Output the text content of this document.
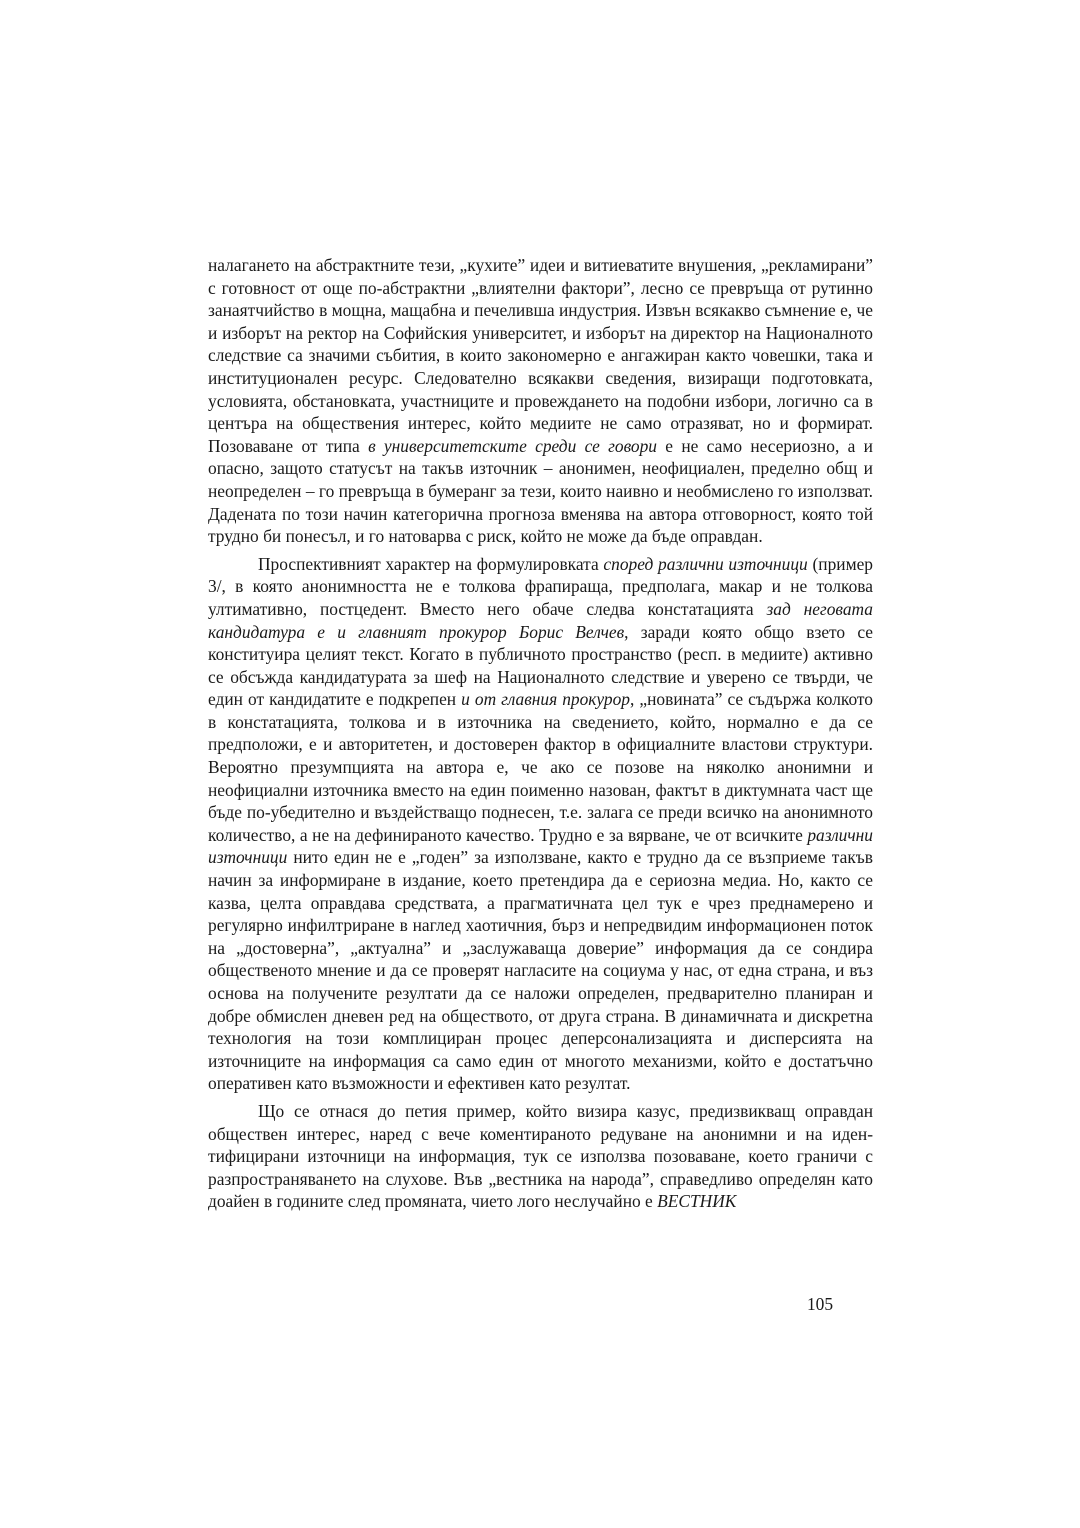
налагането на абстрактните тези, „кухите” идеи и витиеватите внушения, „рекламирани” с готовност от още по-абстрактни „влиятелни фактори”, лесно се превръща от рутинно занаятчийство в мощна, мащабна и печеливша индустрия. Извън всякакво съмнение е, че и изборът на ректор на Софийския университет, и изборът на директор на Националното следствие са значими събития, в които закономерно е ангажиран както човешки, така и институционален ресурс. Следователно всякакви сведения, визиращи подготовката, условията, обстановката, участниците и провеждането на подобни избори, логично са в центъра на обществения интерес, който медиите не само отразяват, но и формират. Позоваване от типа в университетските среди се говори е не само несериозно, а и опасно, защото статусът на такъв източник – анонимен, неофициален, пределно общ и неопределен – го превръща в бумеранг за тези, които наивно и необмислено го използват. Дадената по този начин категорична прогноза вменява на автора отговорност, която той трудно би понесъл, и го натоварва с риск, който не може да бъде оправдан.

Проспективният характер на формулировката според различни източници (пример 3/, в която анонимността не е толкова фрапираща, предполага, макар и не толкова ултимативно, постцедент. Вместо него обаче следва констатацията зад неговата кандидатура е и главният прокурор Борис Велчев, заради която общо взето се конституира целият текст. Когато в публичното пространство (респ. в медиите) активно се обсъжда кандидатурата за шеф на Националното следствие и уверено се твърди, че един от кандидатите е подкрепен и от главния прокурор, „новината” се съдържа колкото в констатацията, толкова и в източника на сведението, който, нормално е да се предположи, е и авторитетен, и достоверен фактор в официалните властови структури. Вероятно презумпцията на автора е, че ако се позове на няколко анонимни и неофициални източника вместо на един поименно назован, фактът в диктумната част ще бъде по-убедително и въздействащо поднесен, т.е. залага се преди всичко на анонимното количество, а не на дефинираното качество. Трудно е за вярване, че от всичките различни източници нито един не е „годен” за използване, както е трудно да се възприеме такъв начин за информиране в издание, което претендира да е сериозна медиа. Но, както се казва, целта оправдава средствата, а прагматичната цел тук е чрез преднамерено и регулярно инфилтриране в наглед хаотичния, бърз и непредвидим информационен поток на „достоверна”, „актуална” и „заслужаваща доверие” информация да се сондира общественото мнение и да се проверят нагласите на социума у нас, от една страна, и въз основа на получените резултати да се наложи определен, предварително планиран и добре обмислен дневен ред на обществото, от друга страна. В динамичната и дискретна технология на този комплициран процес деперсонализацията и дисперсията на източниците на информация са само един от многото механизми, който е достатъчно оперативен като възможности и ефективен като резултат.

Що се отнася до петия пример, който визира казус, предизвикващ оправдан обществен интерес, наред с вече коментираното редуване на анонимни и на идентифицирани източници на информация, тук се използва позоваване, което граничи с разпространяването на слухове. Във „вестника на народа”, справедливо определян като доайен в годините след промяната, чието лого неслучайно е ВЕСТНИК

105
